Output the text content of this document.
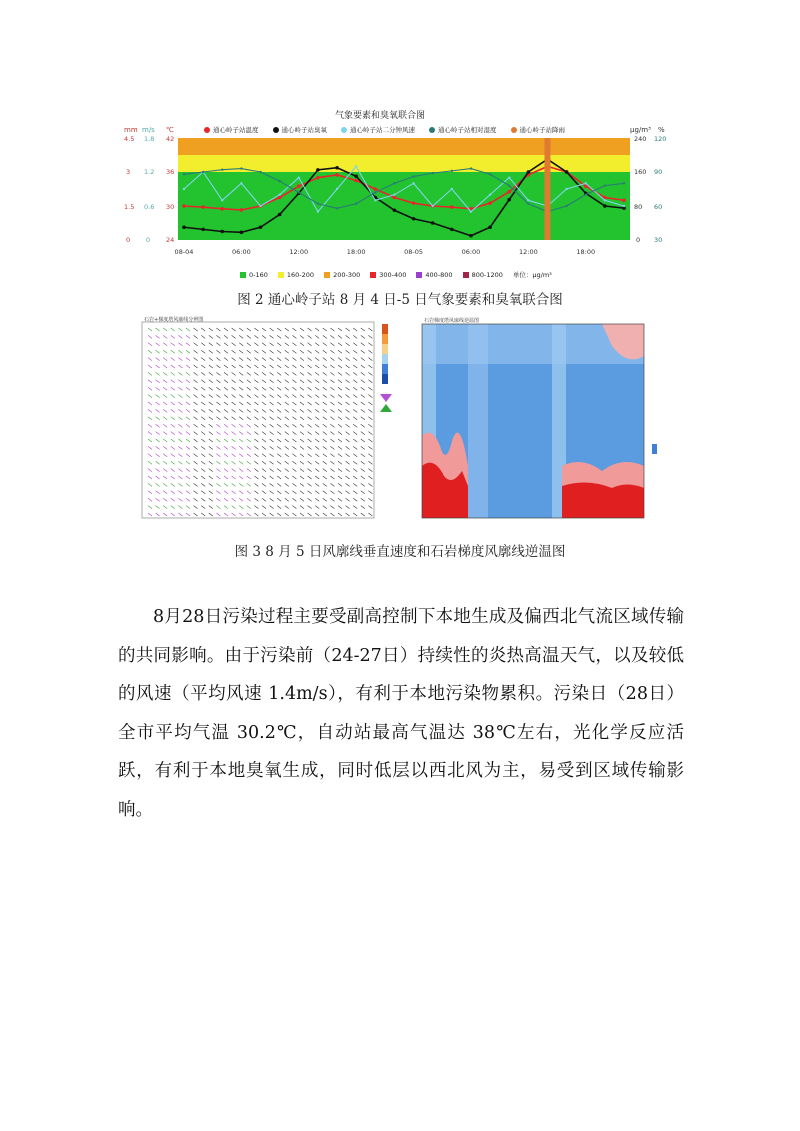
气象要素和臭氧联合图
mm m/s ℃	μg/m³ %
通心岭子站温度	通心岭子站臭氧	通心岭子站二分钟风速	通心岭子站相对湿度	通心岭子站降雨
4.5 1.8 42
3 1.2 36
1.5 0.6 30
0 0 24
240 120
160 90
80 60
0 30
08-04	06:00	12:00	18:00	08-05	06:00	12:00	18:00
0-160	160-200	200-300	300-400	400-800	800-1200 单位：μg/m³
图 2 通心岭子站 8 月 4 日-5 日气象要素和臭氧联合图
石岩+梯度塔风廓线分辨图	石岩梯度塔风廓线逆温图
图 3 8 月 5 日风廓线垂直速度和石岩梯度风廓线逆温图

8月28日污染过程主要受副高控制下本地生成及偏西北气流区域传输的共同影响。由于污染前（24-27日）持续性的炎热高温天气，以及较低的风速（平均风速 1.4m/s），有利于本地污染物累积。污染日（28日）全市平均气温 30.2℃，自动站最高气温达 38℃左右，光化学反应活跃，有利于本地臭氧生成，同时低层以西北风为主，易受到区域传输影响。
